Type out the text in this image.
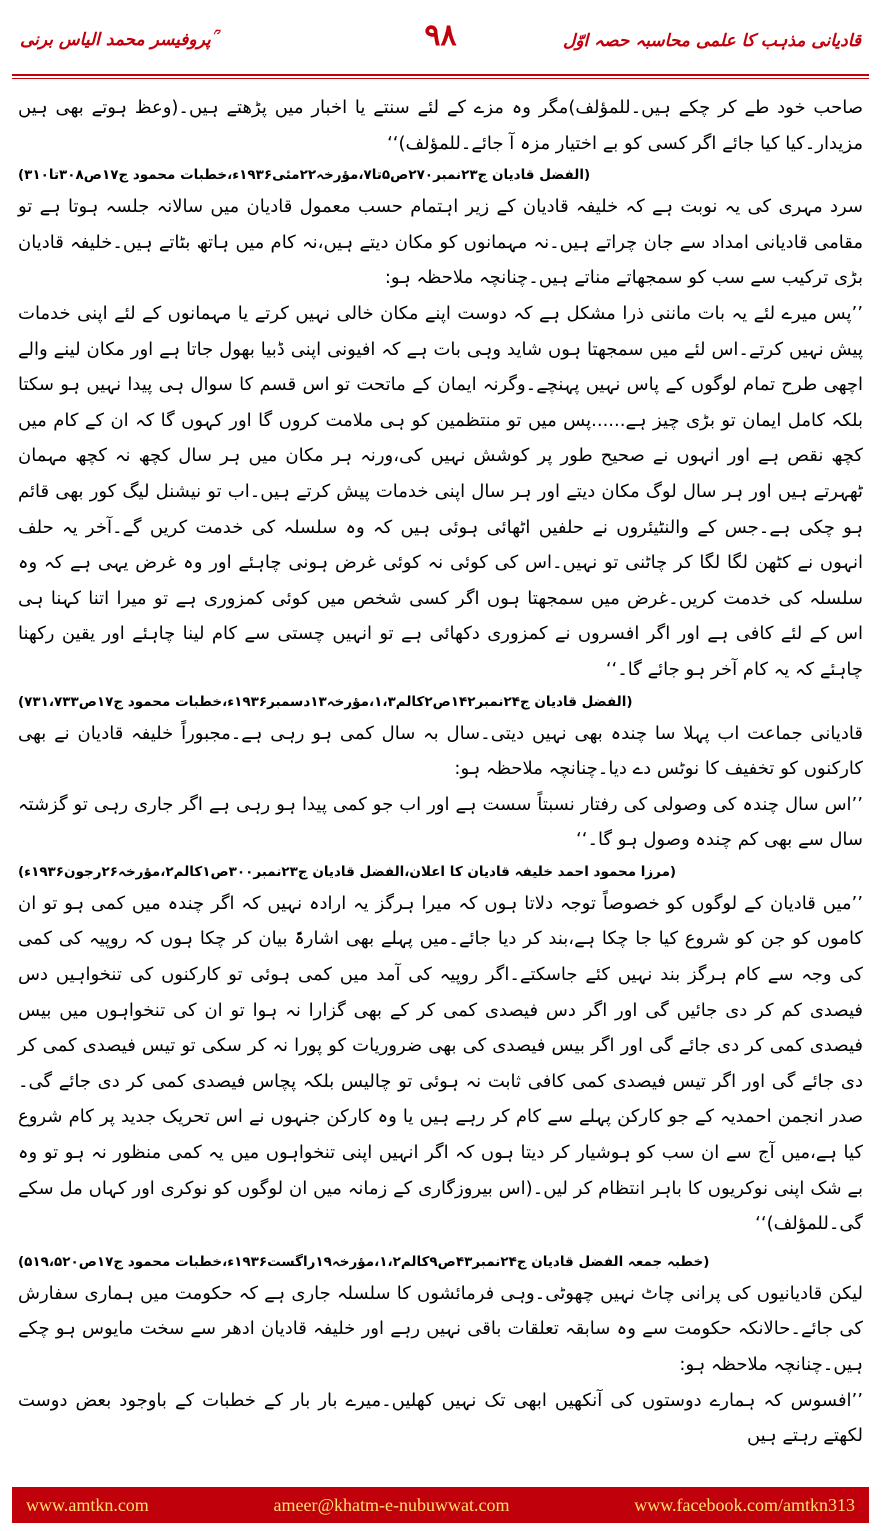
پروفیسر محمد الیاس برنی ؒ	۹۸	قادیانی مذہب کا علمی محاسبہ حصہ اوّل

صاحب خود طے کر چکے ہیں۔للمؤلف)مگر وہ مزے کے لئے سنتے یا اخبار میں پڑھتے ہیں۔(وعظ ہوتے بھی ہیں مزیدار۔کیا کیا جائے اگر کسی کو بے اختیار مزہ آ جائے۔للمؤلف)‘‘

(الفضل قادیان ج۲۳نمبر۲۷۰ص۵تا۷،مؤرخہ۲۲مئی۱۹۳۶ء،خطبات محمود ج۱۷ص۳۰۸تا۳۱۰)

سرد مہری کی یہ نوبت ہے کہ خلیفہ قادیان کے زیر اہتمام حسب معمول قادیان میں سالانہ جلسہ ہوتا ہے تو مقامی قادیانی امداد سے جان چراتے ہیں۔نہ مہمانوں کو مکان دیتے ہیں،نہ کام میں ہاتھ بٹاتے ہیں۔خلیفہ قادیان بڑی ترکیب سے سب کو سمجھاتے مناتے ہیں۔چنانچہ ملاحظہ ہو:

’’پس میرے لئے یہ بات ماننی ذرا مشکل ہے کہ دوست اپنے مکان خالی نہیں کرتے یا مہمانوں کے لئے اپنی خدمات پیش نہیں کرتے۔اس لئے میں سمجھتا ہوں شاید وہی بات ہے کہ افیونی اپنی ڈبیا بھول جاتا ہے اور مکان لینے والے اچھی طرح تمام لوگوں کے پاس نہیں پہنچے۔وگرنہ ایمان کے ماتحت تو اس قسم کا سوال ہی پیدا نہیں ہو سکتا بلکہ کامل ایمان تو بڑی چیز ہے......پس میں تو منتظمین کو ہی ملامت کروں گا اور کہوں گا کہ ان کے کام میں کچھ نقص ہے اور انہوں نے صحیح طور پر کوشش نہیں کی،ورنہ ہر مکان میں ہر سال کچھ نہ کچھ مہمان ٹھہرتے ہیں اور ہر سال لوگ مکان دیتے اور ہر سال اپنی خدمات پیش کرتے ہیں۔اب تو نیشنل لیگ کور بھی قائم ہو چکی ہے۔جس کے والنٹیئروں نے حلفیں اٹھائی ہوئی ہیں کہ وہ سلسلہ کی خدمت کریں گے۔آخر یہ حلف انہوں نے کٹھن لگا لگا کر چاٹنی تو نہیں۔اس کی کوئی نہ کوئی غرض ہونی چاہئے اور وہ غرض یہی ہے کہ وہ سلسلہ کی خدمت کریں۔غرض میں سمجھتا ہوں اگر کسی شخص میں کوئی کمزوری ہے تو میرا اتنا کہنا ہی اس کے لئے کافی ہے اور اگر افسروں نے کمزوری دکھائی ہے تو انہیں چستی سے کام لینا چاہئے اور یقین رکھنا چاہئے کہ یہ کام آخر ہو جائے گا۔‘‘

(الفضل قادیان ج۲۴نمبر۱۴۲ص۲کالم۱،۳،مؤرخہ۱۳دسمبر۱۹۳۶ء،خطبات محمود ج۱۷ص۷۳۱،۷۳۳)

قادیانی جماعت اب پہلا سا چندہ بھی نہیں دیتی۔سال بہ سال کمی ہو رہی ہے۔مجبوراً خلیفہ قادیان نے بھی کارکنوں کو تخفیف کا نوٹس دے دیا۔چنانچہ ملاحظہ ہو:

’’اس سال چندہ کی وصولی کی رفتار نسبتاً سست ہے اور اب جو کمی پیدا ہو رہی ہے اگر جاری رہی تو گزشتہ سال سے بھی کم چندہ وصول ہو گا۔‘‘

(مرزا محمود احمد خلیفہ قادیان کا اعلان،الفضل قادیان ج۲۳نمبر۳۰۰ص۱کالم۲،مؤرخہ۲۶رجون۱۹۳۶ء)

’’میں قادیان کے لوگوں کو خصوصاً توجہ دلاتا ہوں کہ میرا ہرگز یہ ارادہ نہیں کہ اگر چندہ میں کمی ہو تو ان کاموں کو جن کو شروع کیا جا چکا ہے،بند کر دیا جائے۔میں پہلے بھی اشارۃً بیان کر چکا ہوں کہ روپیہ کی کمی کی وجہ سے کام ہرگز بند نہیں کئے جاسکتے۔اگر روپیہ کی آمد میں کمی ہوئی تو کارکنوں کی تنخواہیں دس فیصدی کم کر دی جائیں گی اور اگر دس فیصدی کمی کر کے بھی گزارا نہ ہوا تو ان کی تنخواہوں میں بیس فیصدی کمی کر دی جائے گی اور اگر بیس فیصدی کی بھی ضروریات کو پورا نہ کر سکی تو تیس فیصدی کمی کر دی جائے گی اور اگر تیس فیصدی کمی کافی ثابت نہ ہوئی تو چالیس بلکہ پچاس فیصدی کمی کر دی جائے گی۔صدر انجمن احمدیہ کے جو کارکن پہلے سے کام کر رہے ہیں یا وہ کارکن جنہوں نے اس تحریک جدید پر کام شروع کیا ہے،میں آج سے ان سب کو ہوشیار کر دیتا ہوں کہ اگر انہیں اپنی تنخواہوں میں یہ کمی منظور نہ ہو تو وہ بے شک اپنی نوکریوں کا باہر انتظام کر لیں۔(اس بیروزگاری کے زمانہ میں ان لوگوں کو نوکری اور کہاں مل سکے گی۔للمؤلف)‘‘

(خطبہ جمعہ الفضل قادیان ج۲۴نمبر۴۳ص۹کالم۱،۲،مؤرخہ۱۹راگست۱۹۳۶ء،خطبات محمود ج۱۷ص۵۱۹،۵۲۰)

لیکن قادیانیوں کی پرانی چاٹ نہیں چھوٹی۔وہی فرمائشوں کا سلسلہ جاری ہے کہ حکومت میں ہماری سفارش کی جائے۔حالانکہ حکومت سے وہ سابقہ تعلقات باقی نہیں رہے اور خلیفہ قادیان ادھر سے سخت مایوس ہو چکے ہیں۔چنانچہ ملاحظہ ہو:

’’افسوس کہ ہمارے دوستوں کی آنکھیں ابھی تک نہیں کھلیں۔میرے بار بار کے خطبات کے باوجود بعض دوست لکھتے رہتے ہیں

www.amtkn.com	ameer@khatm-e-nubuwwat.com	www.facebook.com/amtkn313
